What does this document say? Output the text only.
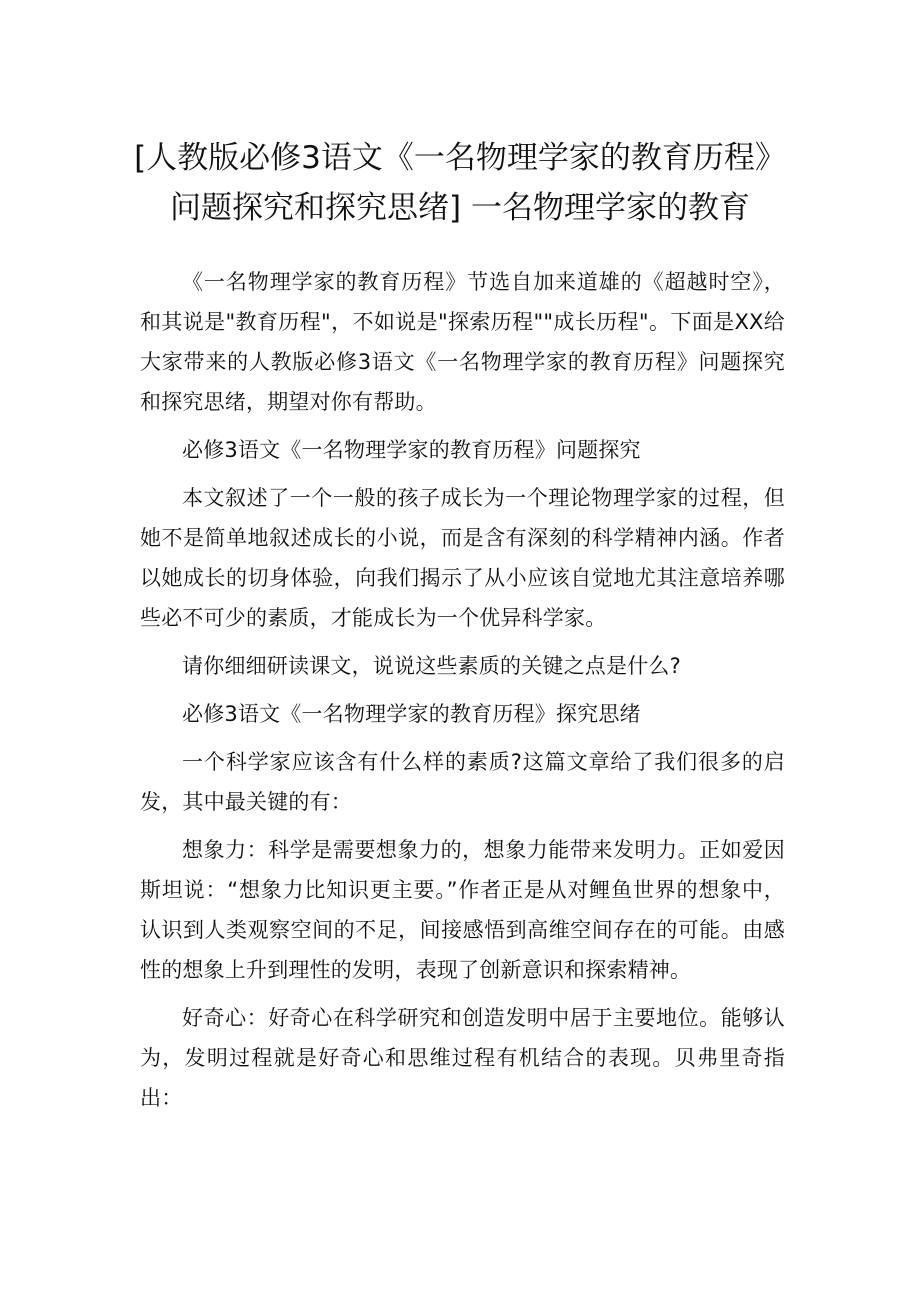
[人教版必修3语文《一名物理学家的教育历程》问题探究和探究思绪] 一名物理学家的教育

《一名物理学家的教育历程》节选自加来道雄的《超越时空》，和其说是"教育历程"，不如说是"探索历程""成长历程"。下面是XX给大家带来的人教版必修3语文《一名物理学家的教育历程》问题探究和探究思绪，期望对你有帮助。

必修3语文《一名物理学家的教育历程》问题探究

本文叙述了一个一般的孩子成长为一个理论物理学家的过程，但她不是简单地叙述成长的小说，而是含有深刻的科学精神内涵。作者以她成长的切身体验，向我们揭示了从小应该自觉地尤其注意培养哪些必不可少的素质，才能成长为一个优异科学家。

请你细细研读课文，说说这些素质的关键之点是什么?

必修3语文《一名物理学家的教育历程》探究思绪

一个科学家应该含有什么样的素质?这篇文章给了我们很多的启发，其中最关键的有：

想象力：科学是需要想象力的，想象力能带来发明力。正如爱因斯坦说：“想象力比知识更主要。”作者正是从对鲤鱼世界的想象中，认识到人类观察空间的不足，间接感悟到高维空间存在的可能。由感性的想象上升到理性的发明，表现了创新意识和探索精神。

好奇心：好奇心在科学研究和创造发明中居于主要地位。能够认为，发明过程就是好奇心和思维过程有机结合的表现。贝弗里奇指出：
